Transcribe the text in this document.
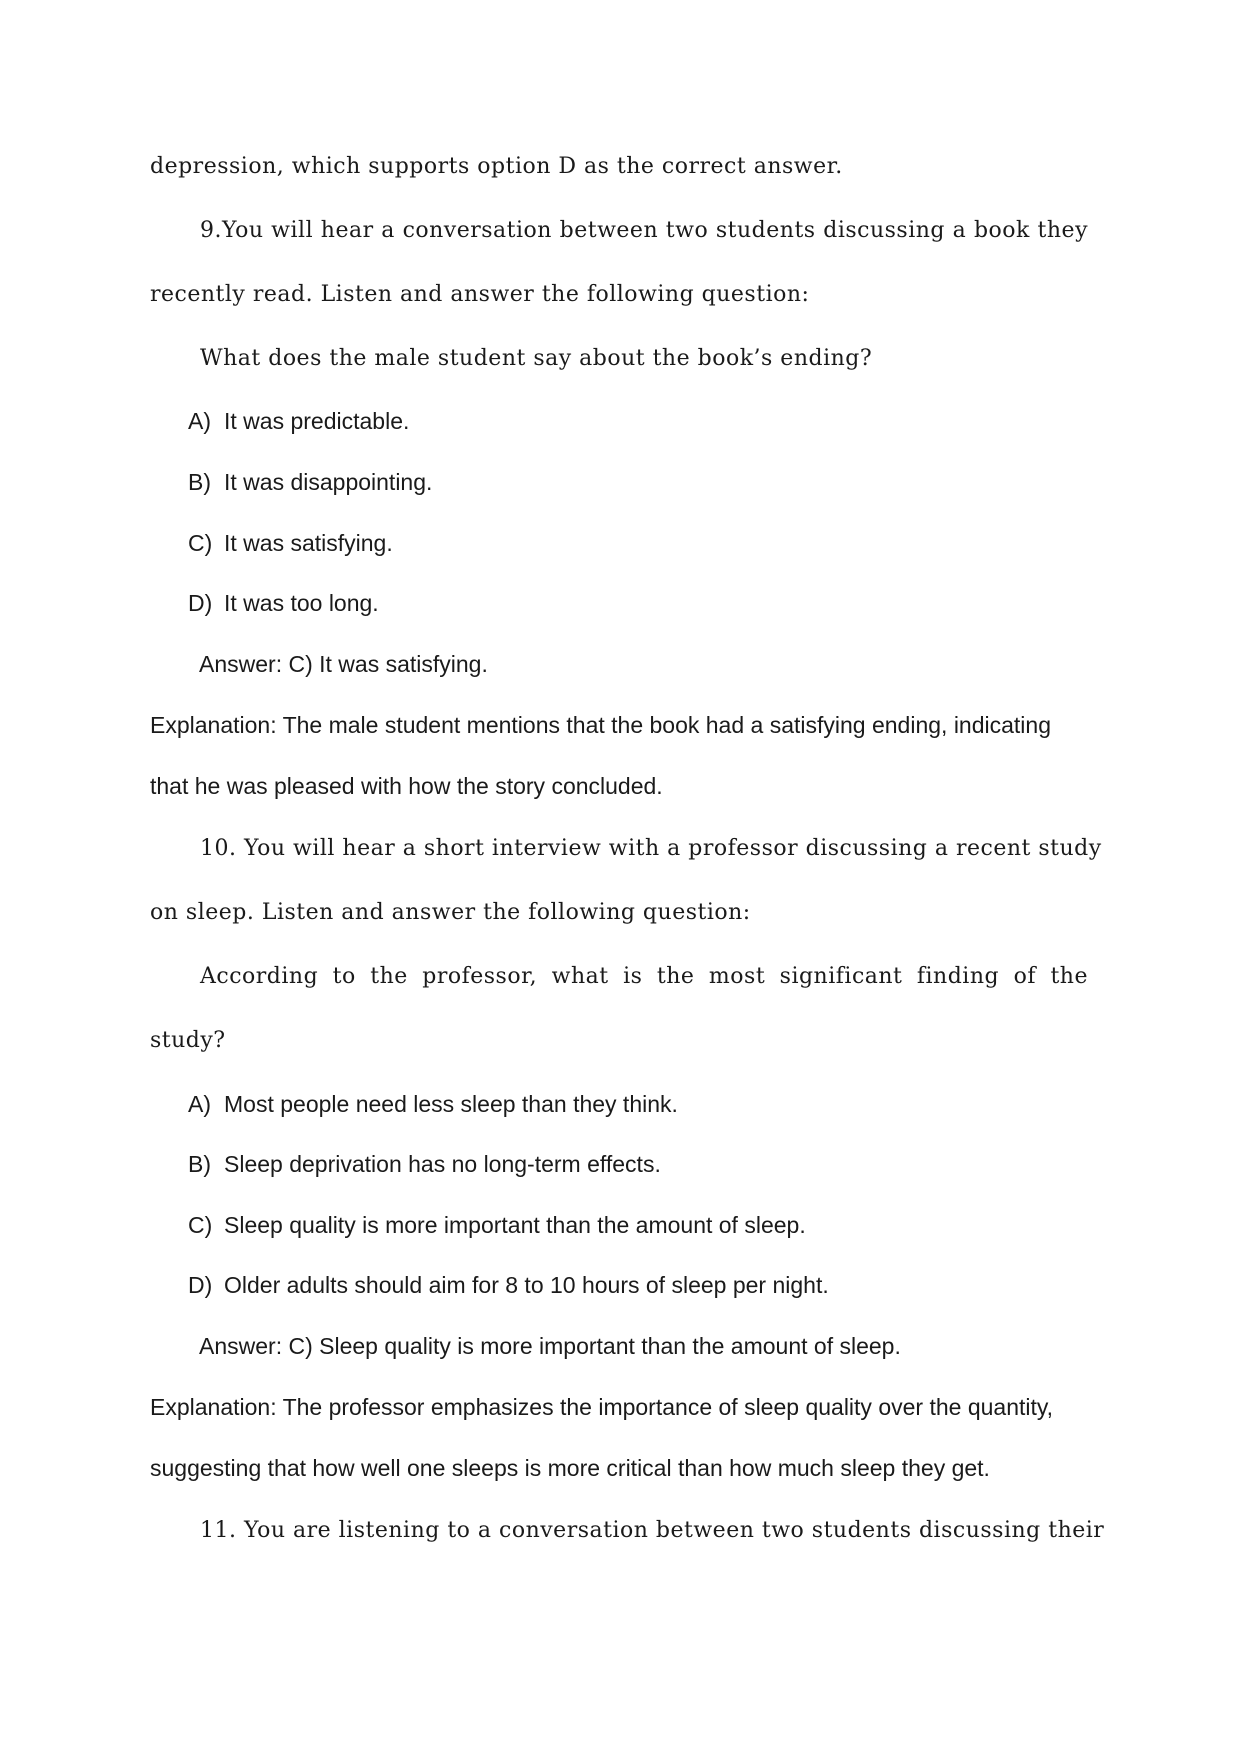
depression, which supports option D as the correct answer.
9.You will hear a conversation between two students discussing a book they
recently read. Listen and answer the following question:
What does the male student say about the book’s ending?
A) It was predictable.
B) It was disappointing.
C) It was satisfying.
D) It was too long.
Answer: C) It was satisfying.
Explanation: The male student mentions that the book had a satisfying ending, indicating
that he was pleased with how the story concluded.
10. You will hear a short interview with a professor discussing a recent study
on sleep. Listen and answer the following question:
According to the professor, what is the most significant finding of the
study?
A) Most people need less sleep than they think.
B) Sleep deprivation has no long-term effects.
C) Sleep quality is more important than the amount of sleep.
D) Older adults should aim for 8 to 10 hours of sleep per night.
Answer: C) Sleep quality is more important than the amount of sleep.
Explanation: The professor emphasizes the importance of sleep quality over the quantity,
suggesting that how well one sleeps is more critical than how much sleep they get.
11. You are listening to a conversation between two students discussing their
